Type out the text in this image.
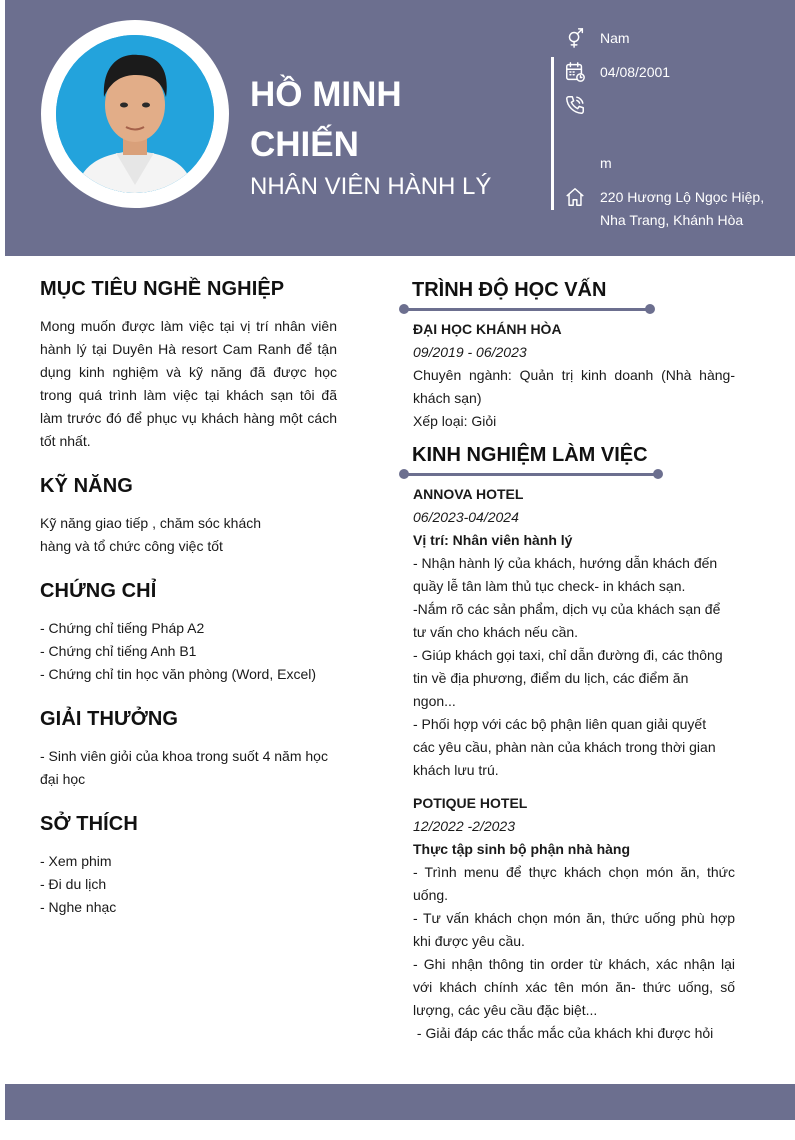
HỒ MINH CHIẾN
NHÂN VIÊN HÀNH LÝ
Nam
04/08/2001
m
220 Hương Lộ Ngọc Hiệp,
Nha Trang, Khánh Hòa
MỤC TIÊU NGHỀ NGHIỆP

Mong muốn được làm việc tại vị trí nhân viên hành lý tại Duyên Hà resort Cam Ranh để tận dụng kinh nghiệm và kỹ năng đã được học trong quá trình làm việc tại khách sạn tôi đã làm trước đó để phục vụ khách hàng một cách tốt nhất.

KỸ NĂNG

Kỹ năng giao tiếp , chăm sóc khách

hàng và tổ chức công việc tốt

CHỨNG CHỈ

- Chứng chỉ tiếng Pháp A2

- Chứng chỉ tiếng Anh B1

- Chứng chỉ tin học văn phòng (Word, Excel)

GIẢI THƯỞNG

- Sinh viên giỏi của khoa trong suốt 4 năm học đại học

SỞ THÍCH

- Xem phim

- Đi du lịch

- Nghe nhạc

TRÌNH ĐỘ HỌC VẤN
ĐẠI HỌC KHÁNH HÒA
09/2019 - 06/2023
Chuyên ngành: Quản trị kinh doanh (Nhà hàng-khách sạn)
Xếp loại: Giỏi
KINH NGHIỆM LÀM VIỆC
ANNOVA HOTEL
06/2023-04/2024
Vị trí: Nhân viên hành lý
- Nhận hành lý của khách, hướng dẫn khách đến quầy lễ tân làm thủ tục check- in khách sạn.
-Nắm rõ các sản phẩm, dịch vụ của khách sạn để tư vấn cho khách nếu cần.
- Giúp khách gọi taxi, chỉ dẫn đường đi, các thông tin về địa phương, điểm du lịch, các điểm ăn ngon...
- Phối hợp với các bộ phận liên quan giải quyết các yêu cầu, phàn nàn của khách trong thời gian khách lưu trú.
POTIQUE HOTEL
12/2022 -2/2023
Thực tập sinh bộ phận nhà hàng
- Trình menu để thực khách chọn món ăn, thức uống.
- Tư vấn khách chọn món ăn, thức uống phù hợp khi được yêu cầu.
- Ghi nhận thông tin order từ khách, xác nhận lại với khách chính xác tên món ăn- thức uống, số lượng, các yêu cầu đặc biệt...
- Giải đáp các thắc mắc của khách khi được hỏi
